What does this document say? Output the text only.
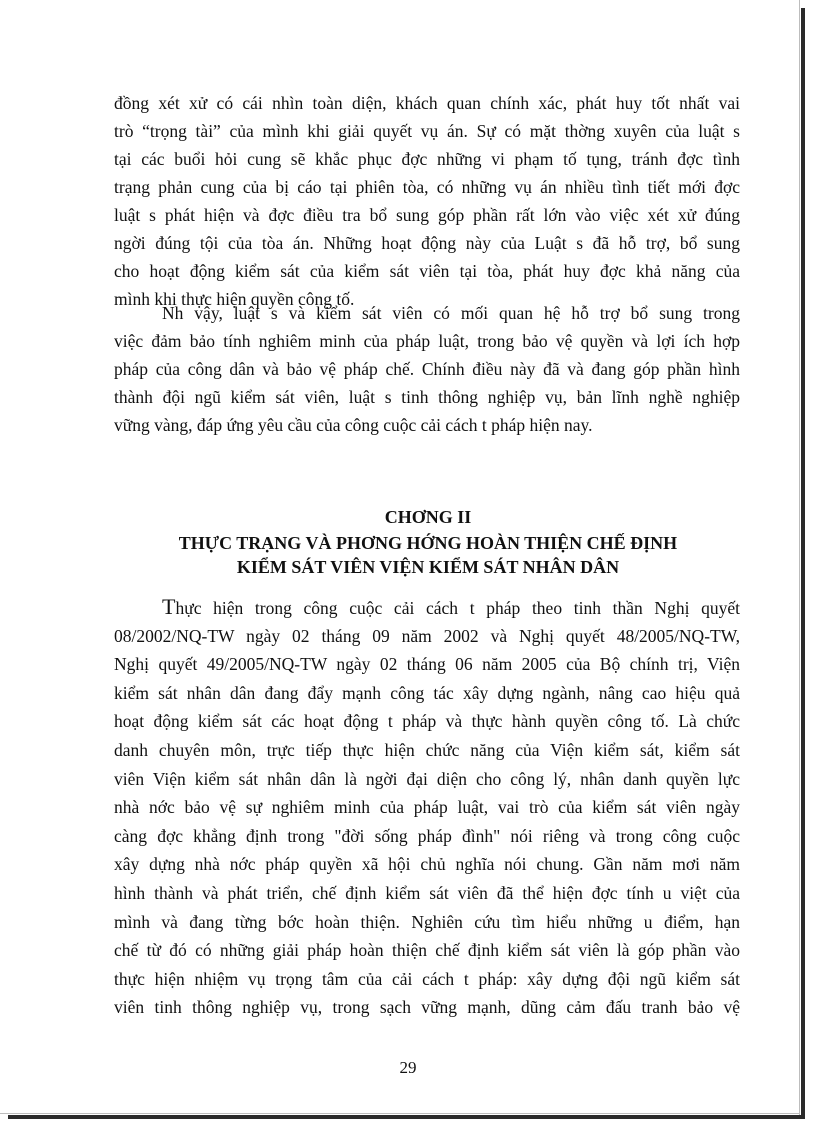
đồng xét xử có cái nhìn toàn diện, khách quan chính xác, phát huy tốt nhất vai
trò “trọng tài” của mình khi giải quyết vụ án. Sự có mặt thờng xuyên của luật s
tại các buổi hỏi cung sẽ khắc phục đợc những vi phạm tố tụng, tránh đợc tình
trạng phản cung của bị cáo tại phiên tòa, có những vụ án nhiều tình tiết mới đợc
luật s phát hiện và đợc điều tra bổ sung góp phần rất lớn vào việc xét xử đúng
ngời đúng tội của tòa án. Những hoạt động này của Luật s đã hỗ trợ, bổ sung
cho hoạt động kiểm sát của kiểm sát viên tại tòa, phát huy đợc khả năng của
mình khi thực hiện quyền công tố.
Nh vậy, luật s và kiểm sát viên có mối quan hệ hỗ trợ bổ sung trong
việc đảm bảo tính nghiêm minh của pháp luật, trong bảo vệ quyền và lợi ích hợp
pháp của công dân và bảo vệ pháp chế. Chính điều này đã và đang góp phần hình
thành đội ngũ kiểm sát viên, luật s tinh thông nghiệp vụ, bản lĩnh nghề nghiệp
vững vàng, đáp ứng yêu cầu của công cuộc cải cách t pháp hiện nay.
CHƠNG II
THỰC TRẠNG VÀ PHƠNG HỚNG HOÀN THIỆN CHẾ ĐỊNH
KIỂM SÁT VIÊN VIỆN KIỂM SÁT NHÂN DÂN
Thực hiện trong công cuộc cải cách t pháp theo tinh thần Nghị quyết
08/2002/NQ-TW ngày 02 tháng 09 năm 2002 và Nghị quyết 48/2005/NQ-TW,
Nghị quyết 49/2005/NQ-TW ngày 02 tháng 06 năm 2005 của Bộ chính trị, Viện
kiểm sát nhân dân đang đẩy mạnh công tác xây dựng ngành, nâng cao hiệu quả
hoạt động kiểm sát các hoạt động t pháp và thực hành quyền công tố. Là chức
danh chuyên môn, trực tiếp thực hiện chức năng của Viện kiểm sát, kiểm sát
viên Viện kiểm sát nhân dân là ngời đại diện cho công lý, nhân danh quyền lực
nhà nớc bảo vệ sự nghiêm minh của pháp luật, vai trò của kiểm sát viên ngày
càng đợc khẳng định trong "đời sống pháp đình" nói riêng và trong công cuộc
xây dựng nhà nớc pháp quyền xã hội chủ nghĩa nói chung. Gần năm mơi năm
hình thành và phát triển, chế định kiểm sát viên đã thể hiện đợc tính u việt của
mình và đang từng bớc hoàn thiện. Nghiên cứu tìm hiểu những u điểm, hạn
chế từ đó có những giải pháp hoàn thiện chế định kiểm sát viên là góp phần vào
thực hiện nhiệm vụ trọng tâm của cải cách t pháp: xây dựng đội ngũ kiểm sát
viên tinh thông nghiệp vụ, trong sạch vững mạnh, dũng cảm đấu tranh bảo vệ
29
